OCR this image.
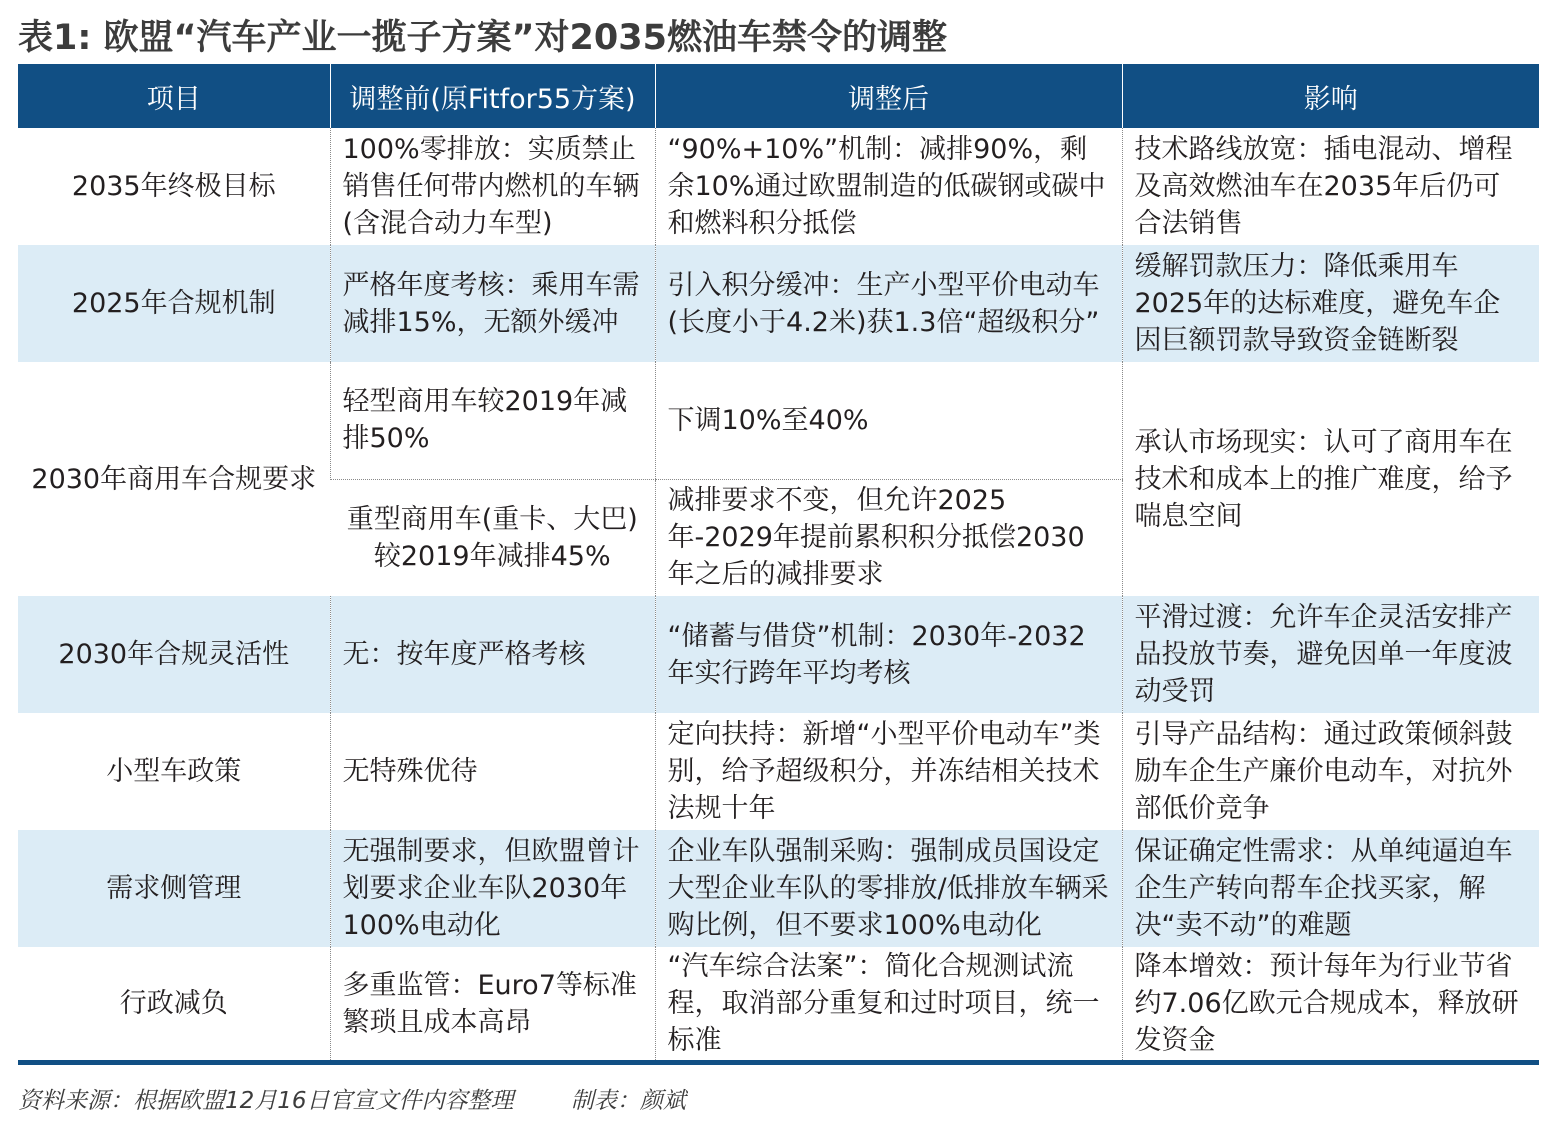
表1: 欧盟“汽车产业一揽子方案”对2035燃油车禁令的调整
项目	调整前(原Fitfor55方案)	调整后	影响
2035年终极目标	100%零排放：实质禁止销售任何带内燃机的车辆(含混合动力车型)	“90%+10%”机制：减排90%，剩余10%通过欧盟制造的低碳钢或碳中和燃料积分抵偿	技术路线放宽：插电混动、增程及高效燃油车在2035年后仍可合法销售
2025年合规机制	严格年度考核：乘用车需减排15%，无额外缓冲	引入积分缓冲：生产小型平价电动车(长度小于4.2米)获1.3倍“超级积分”	缓解罚款压力：降低乘用车2025年的达标难度，避免车企因巨额罚款导致资金链断裂
2030年商用车合规要求	轻型商用车较2019年减排50%	下调10%至40%	承认市场现实：认可了商用车在技术和成本上的推广难度，给予喘息空间
	重型商用车(重卡、大巴)较2019年减排45%	减排要求不变，但允许2025年-2029年提前累积积分抵偿2030年之后的减排要求	
2030年合规灵活性	无：按年度严格考核	“储蓄与借贷”机制：2030年-2032年实行跨年平均考核	平滑过渡：允许车企灵活安排产品投放节奏，避免因单一年度波动受罚
小型车政策	无特殊优待	定向扶持：新增“小型平价电动车”类别，给予超级积分，并冻结相关技术法规十年	引导产品结构：通过政策倾斜鼓励车企生产廉价电动车，对抗外部低价竞争
需求侧管理	无强制要求，但欧盟曾计划要求企业车队2030年100%电动化	企业车队强制采购：强制成员国设定大型企业车队的零排放/低排放车辆采购比例，但不要求100%电动化	保证确定性需求：从单纯逼迫车企生产转向帮车企找买家，解决“卖不动”的难题
行政减负	多重监管：Euro7等标准繁琐且成本高昂	“汽车综合法案”：简化合规测试流程，取消部分重复和过时项目，统一标准	降本增效：预计每年为行业节省约7.06亿欧元合规成本，释放研发资金
资料来源：根据欧盟12月16日官宣文件内容整理 制表：颜斌
